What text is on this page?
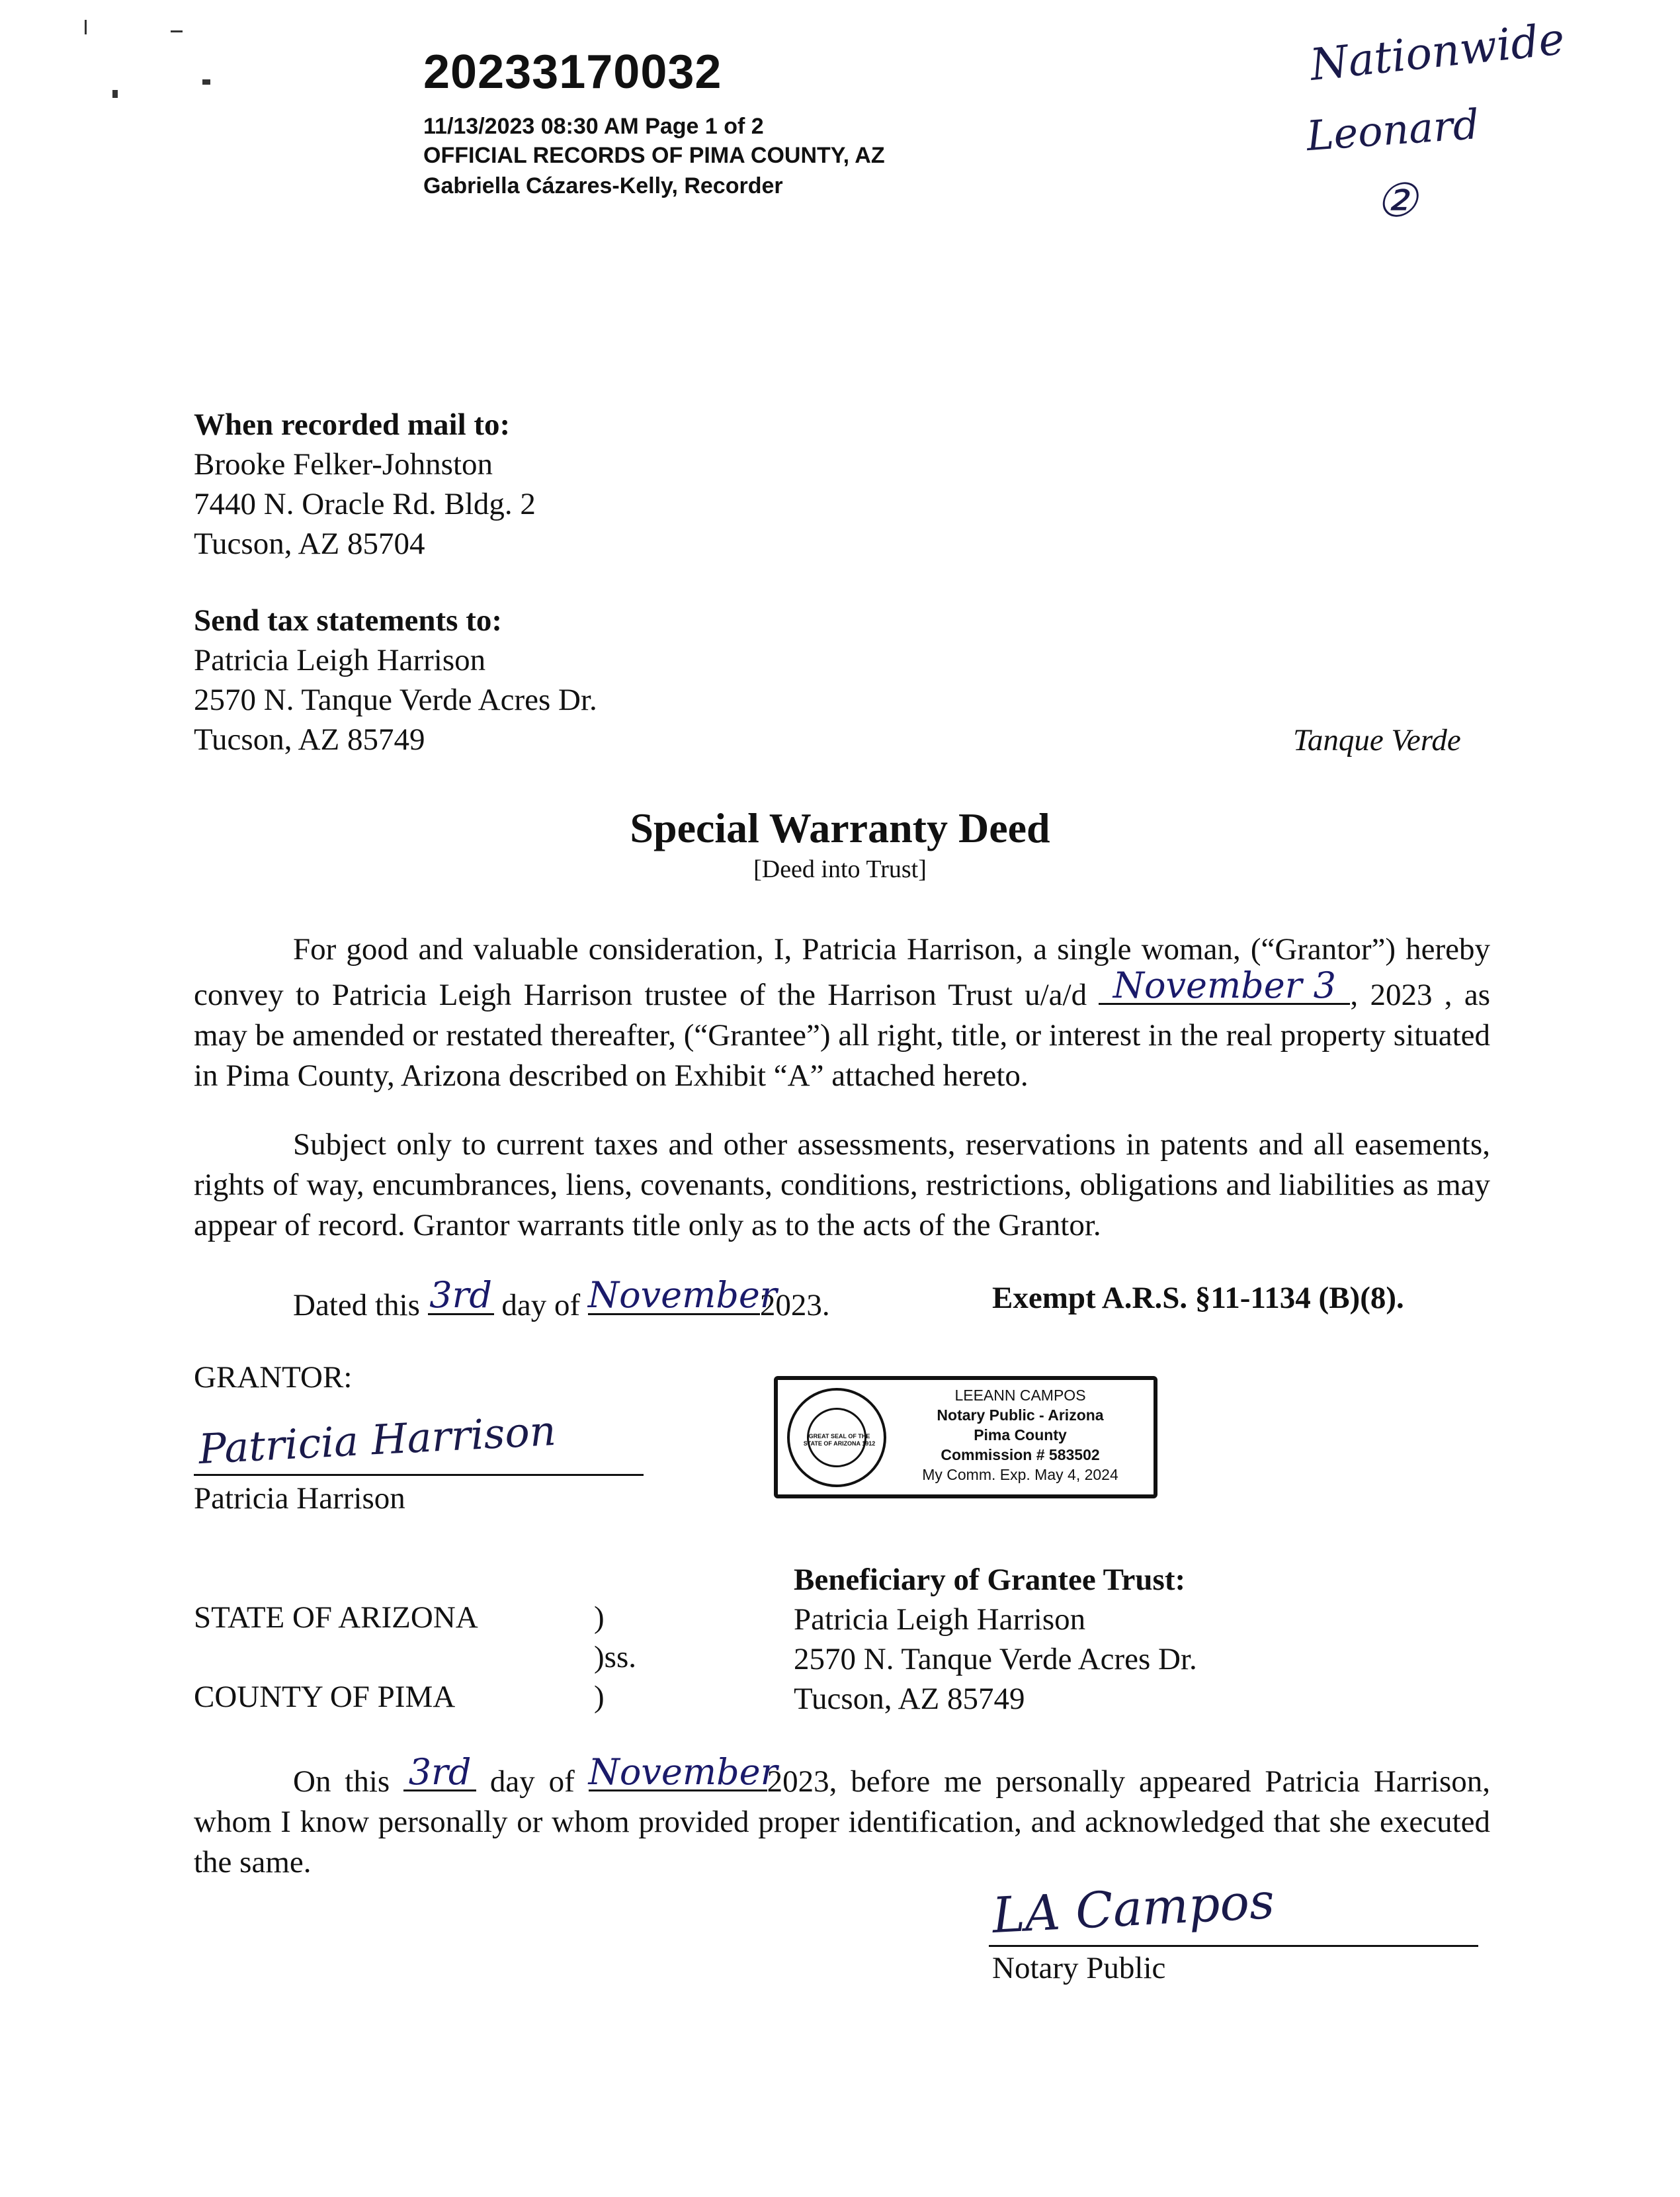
20233170032
11/13/2023 08:30 AM Page 1 of 2
OFFICIAL RECORDS OF PIMA COUNTY, AZ
Gabriella Cázares-Kelly, Recorder
Nationwide
Leonard
②
When recorded mail to:
Brooke Felker-Johnston
7440 N. Oracle Rd. Bldg. 2
Tucson, AZ 85704
Send tax statements to:
Patricia Leigh Harrison
2570 N. Tanque Verde Acres Dr.
Tucson, AZ 85749	Tanque Verde
Special Warranty Deed
[Deed into Trust]
For good and valuable consideration, I, Patricia Harrison, a single woman, (“Grantor”) hereby convey to Patricia Leigh Harrison trustee of the Harrison Trust u/a/d November 3 , 2023 , as may be amended or restated thereafter, (“Grantee”) all right, title, or interest in the real property situated in Pima County, Arizona described on Exhibit “A” attached hereto.
Subject only to current taxes and other assessments, reservations in patents and all easements, rights of way, encumbrances, liens, covenants, conditions, restrictions, obligations and liabilities as may appear of record. Grantor warrants title only as to the acts of the Grantor.
Dated this 3rd day of November
2023.	Exempt A.R.S. §11-1134 (B)(8).
GRANTOR:
Patricia Harrison
Patricia Harrison
GREAT SEAL OF THE STATE OF ARIZONA 1912
LEEANN CAMPOS
Notary Public - Arizona
Pima County
Commission # 583502
My Comm. Exp. May 4, 2024
Beneficiary of Grantee Trust:
Patricia Leigh Harrison
2570 N. Tanque Verde Acres Dr.
Tucson, AZ 85749
STATE OF ARIZONA
COUNTY OF PIMA
)
)ss.
)
On this 3rd day of November
2023, before me personally appeared Patricia Harrison, whom I know personally or whom provided proper identification, and acknowledged that she executed the same.
LA Campos
Notary Public
